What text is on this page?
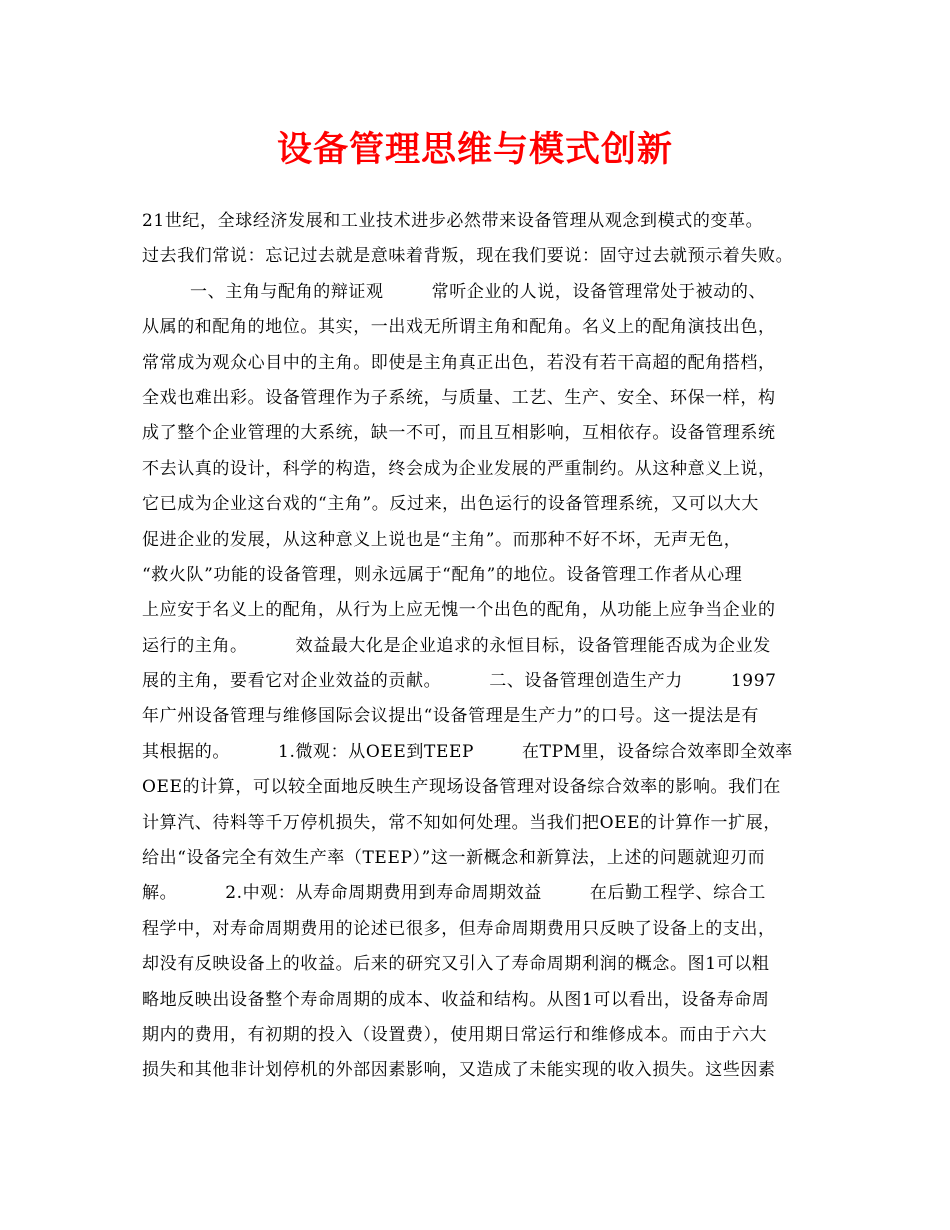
设备管理思维与模式创新
21世纪，全球经济发展和工业技术进步必然带来设备管理从观念到模式的变革。
过去我们常说：忘记过去就是意味着背叛，现在我们要说：固守过去就预示着失败。
一、主角与配角的辩证观        常听企业的人说，设备管理常处于被动的、
从属的和配角的地位。其实，一出戏无所谓主角和配角。名义上的配角演技出色，
常常成为观众心目中的主角。即使是主角真正出色，若没有若干高超的配角搭档，
全戏也难出彩。设备管理作为子系统，与质量、工艺、生产、安全、环保一样，构
成了整个企业管理的大系统，缺一不可，而且互相影响，互相依存。设备管理系统
不去认真的设计，科学的构造，终会成为企业发展的严重制约。从这种意义上说，
它已成为企业这台戏的“主角”。反过来，出色运行的设备管理系统，又可以大大
促进企业的发展，从这种意义上说也是“主角”。而那种不好不坏，无声无色，
“救火队”功能的设备管理，则永远属于“配角”的地位。设备管理工作者从心理
上应安于名义上的配角，从行为上应无愧一个出色的配角，从功能上应争当企业的
运行的主角。        效益最大化是企业追求的永恒目标，设备管理能否成为企业发
展的主角，要看它对企业效益的贡献。        二、设备管理创造生产力        1997
年广州设备管理与维修国际会议提出“设备管理是生产力”的口号。这一提法是有
其根据的。        1.微观：从OEE到TEEP        在TPM里，设备综合效率即全效率
OEE的计算，可以较全面地反映生产现场设备管理对设备综合效率的影响。我们在
计算汽、待料等千万停机损失，常不知如何处理。当我们把OEE的计算作一扩展，
给出“设备完全有效生产率（TEEP）”这一新概念和新算法，上述的问题就迎刃而
解。        2.中观：从寿命周期费用到寿命周期效益        在后勤工程学、综合工
程学中，对寿命周期费用的论述已很多，但寿命周期费用只反映了设备上的支出，
却没有反映设备上的收益。后来的研究又引入了寿命周期利润的概念。图1可以粗
略地反映出设备整个寿命周期的成本、收益和结构。从图1可以看出，设备寿命周
期内的费用，有初期的投入（设置费），使用期日常运行和维修成本。而由于六大
损失和其他非计划停机的外部因素影响，又造成了未能实现的收入损失。这些因素
